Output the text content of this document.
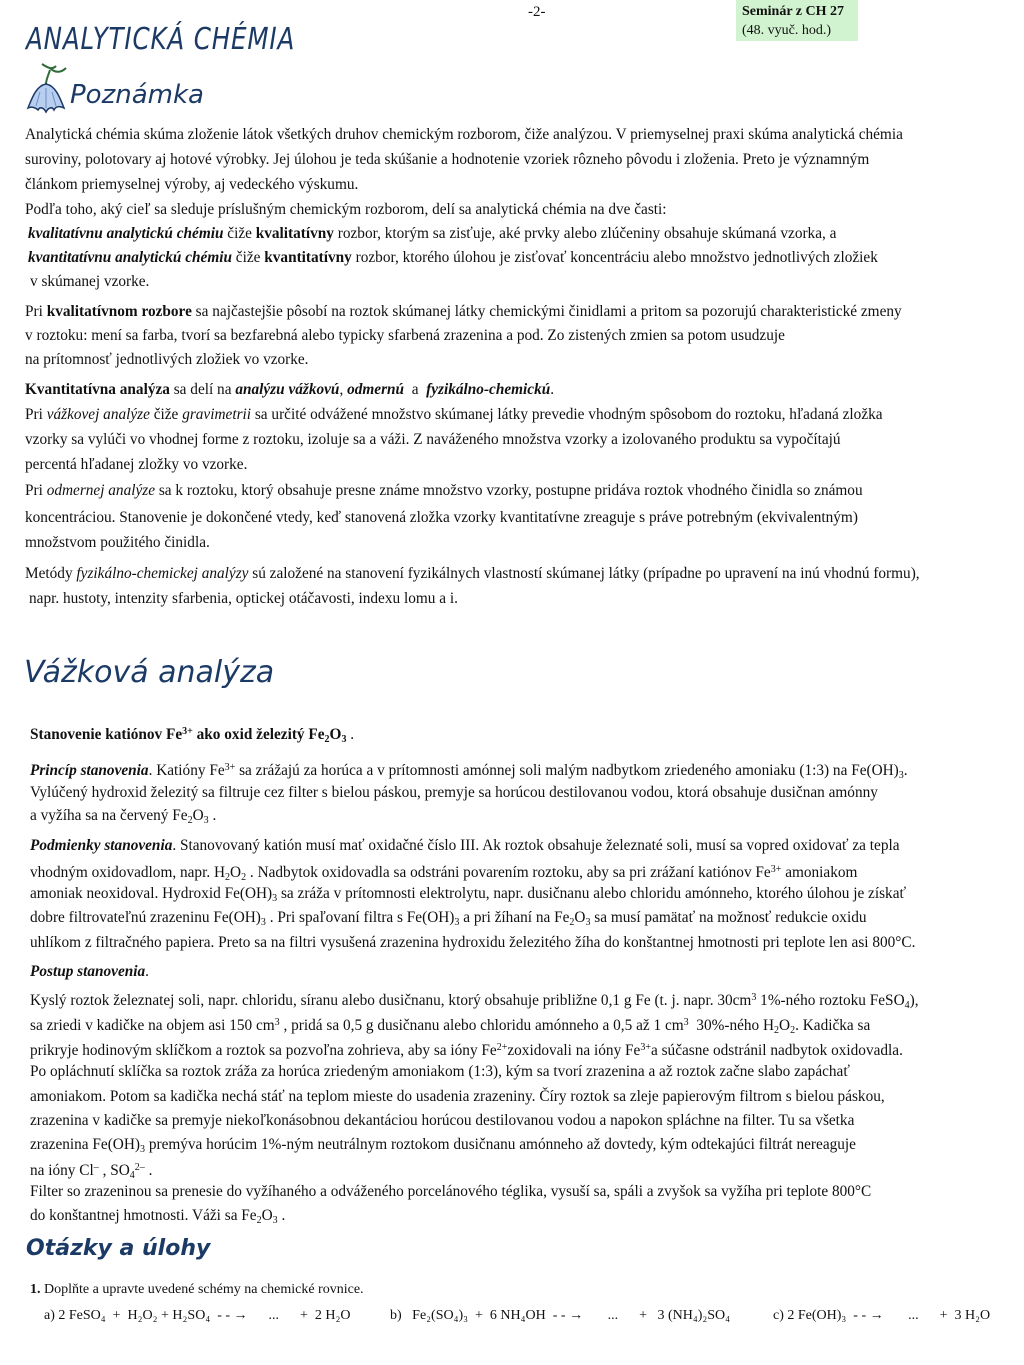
-2-	Seminár z CH 27
(48. vyuč. hod.)
ANALYTICKÁ CHÉMIA
Poznámka
Analytická chémia skúma zloženie látok všetkých druhov chemickým rozborom, čiže analýzou. V priemyselnej praxi skúma analytická chémia
suroviny, polotovary aj hotové výrobky. Jej úlohou je teda skúšanie a hodnotenie vzoriek rôzneho pôvodu i zloženia. Preto je významným
článkom priemyselnej výroby, aj vedeckého výskumu.
Podľa toho, aký cieľ sa sleduje príslušným chemickým rozborom, delí sa analytická chémia na dve časti:
kvalitatívnu analytickú chémiu čiže kvalitatívny rozbor, ktorým sa zisťuje, aké prvky alebo zlúčeniny obsahuje skúmaná vzorka, a
kvantitatívnu analytickú chémiu čiže kvantitatívny rozbor, ktorého úlohou je zisťovať koncentráciu alebo množstvo jednotlivých zložiek
v skúmanej vzorke.
Pri kvalitatívnom rozbore sa najčastejšie pôsobí na roztok skúmanej látky chemickými činidlami a pritom sa pozorujú charakteristické zmeny
v roztoku: mení sa farba, tvorí sa bezfarebná alebo typicky sfarbená zrazenina a pod. Zo zistených zmien sa potom usudzuje
na prítomnosť jednotlivých zložiek vo vzorke.
Kvantitatívna analýza sa delí na analýzu vážkovú, odmernú  a  fyzikálno-chemickú.
Pri vážkovej analýze čiže gravimetrii sa určité odvážené množstvo skúmanej látky prevedie vhodným spôsobom do roztoku, hľadaná zložka
vzorky sa vylúči vo vhodnej forme z roztoku, izoluje sa a váži. Z naváženého množstva vzorky a izolovaného produktu sa vypočítajú
percentá hľadanej zložky vo vzorke.
Pri odmernej analýze sa k roztoku, ktorý obsahuje presne známe množstvo vzorky, postupne pridáva roztok vhodného činidla so známou
koncentráciou. Stanovenie je dokončené vtedy, keď stanovená zložka vzorky kvantitatívne zreaguje s práve potrebným (ekvivalentným)
množstvom použitého činidla.
Metódy fyzikálno-chemickej analýzy sú založené na stanovení fyzikálnych vlastností skúmanej látky (prípadne po upravení na inú vhodnú formu),
napr. hustoty, intenzity sfarbenia, optickej otáčavosti, indexu lomu a i.
Vážková analýza
Stanovenie katiónov $Fe^{3+}$ ako oxid železitý $Fe_2O_3$ .
Princíp stanovenia. Katióny $Fe^{3+}$ sa zrážajú za horúca a v prítomnosti amónnej soli malým nadbytkom zriedeného amoniaku (1:3) na $Fe(OH)_3$.
Vylúčený hydroxid železitý sa filtruje cez filter s bielou páskou, premyje sa horúcou destilovanou vodou, ktorá obsahuje dusičnan amónny
a vyžíha sa na červený $Fe_2O_3$ .
Podmienky stanovenia. Stanovovaný katión musí mať oxidačné číslo III. Ak roztok obsahuje železnaté soli, musí sa vopred oxidovať za tepla
vhodným oxidovadlom, napr. $H_2O_2$ . Nadbytok oxidovadla sa odstráni povarením roztoku, aby sa pri zrážaní katiónov $Fe^{3+}$ amoniakom
amoniak neoxidoval. Hydroxid $Fe(OH)_3$ sa zráža v prítomnosti elektrolytu, napr. dusičnanu alebo chloridu amónneho, ktorého úlohou je získať
dobre filtrovateľnú zrazeninu $Fe(OH)_3$ . Pri spaľovaní filtra s $Fe(OH)_3$ a pri žíhaní na $Fe_2O_3$ sa musí pamätať na možnosť redukcie oxidu
uhlíkom z filtračného papiera. Preto sa na filtri vysušená zrazenina hydroxidu železitého žíha do konštantnej hmotnosti pri teplote len asi 800°C.
Postup stanovenia.
Kyslý roztok železnatej soli, napr. chloridu, síranu alebo dusičnanu, ktorý obsahuje približne 0,1 g Fe (t. j. napr. $30cm^3$ 1%-ného roztoku FeSO$_4$),
sa zriedi v kadičke na objem asi 150 $cm^3$ , pridá sa 0,5 g dusičnanu alebo chloridu amónneho a 0,5 až 1 $cm^3$  30%-ného $H_2O_2$. Kadička sa
prikryje hodinovým sklíčkom a roztok sa pozvoľna zohrieva, aby sa ióny $Fe^{2+}zoxidovali$ na ióny $Fe^{3+}a$ súčasne odstránil nadbytok oxidovadla.
Po opláchnutí sklíčka sa roztok zráža za horúca zriedeným amoniakom (1:3), kým sa tvorí zrazenina a až roztok začne slabo zapáchať
amoniakom. Potom sa kadička nechá stáť na teplom mieste do usadenia zrazeniny. Číry roztok sa zleje papierovým filtrom s bielou páskou,
zrazenina v kadičke sa premyje niekoľkonásobnou dekantáciou horúcou destilovanou vodou a napokon spláchne na filter. Tu sa všetka
zrazenina $Fe(OH)_3$ premýva horúcim 1%-ným neutrálnym roztokom dusičnanu amónneho až dovtedy, kým odtekajúci filtrát nereaguje
na ióny Cl– , $SO_4^{2-}$ .
Filter so zrazeninou sa prenesie do vyžíhaného a odváženého porcelánového téglika, vysuší sa, spáli a zvyšok sa vyžíha pri teplote 800°C
do konštantnej hmotnosti. Váži sa $Fe_2O_3$ .
Otázky a úlohy
1. Doplňte a upravte uvedené schémy na chemické rovnice.
a) 2 FeSO₄  +  H₂O₂ + H₂SO₄  - - →      ...      +  2 H₂O	b)   Fe₂(SO₄)₃  +  6 NH₄OH  - - →       ...      +   3 (NH₄)₂SO₄	c) 2 Fe(OH)₃  - - →       ...      +  3 H₂O
